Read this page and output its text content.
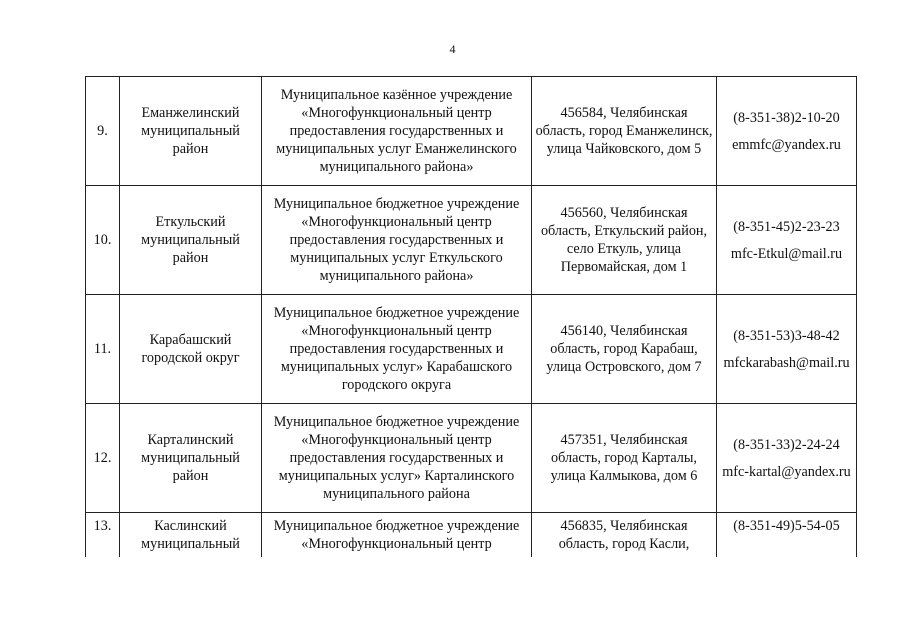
4
9.	Еманжелинский муниципальный район	Муниципальное казённое учреждение «Многофункциональный центр предоставления государственных и муниципальных услуг Еманжелинского муниципального района»	456584, Челябинская область, город Еманжелинск, улица Чайковского, дом 5	(8-351-38)2-10-20
emmfc@yandex.ru

10.	Еткульский муниципальный район	Муниципальное бюджетное учреждение «Многофункциональный центр предоставления государственных и муниципальных услуг Еткульского муниципального района»	456560, Челябинская область, Еткульский район, село Еткуль, улица Первомайская, дом 1	(8-351-45)2-23-23
mfc-Etkul@mail.ru

11.	Карабашский городской округ	Муниципальное бюджетное учреждение «Многофункциональный центр предоставления государственных и муниципальных услуг» Карабашского городского округа	456140, Челябинская область, город Карабаш, улица Островского, дом 7	(8-351-53)3-48-42
mfckarabash@mail.ru

12.	Карталинский муниципальный район	Муниципальное бюджетное учреждение «Многофункциональный центр предоставления государственных и муниципальных услуг» Карталинского муниципального района	457351, Челябинская область, город Карталы, улица Калмыкова, дом 6	(8-351-33)2-24-24
mfc-kartal@yandex.ru

13.	Каслинский муниципальный	Муниципальное бюджетное учреждение «Многофункциональный центр	456835, Челябинская область, город Касли,	(8-351-49)5-54-05
